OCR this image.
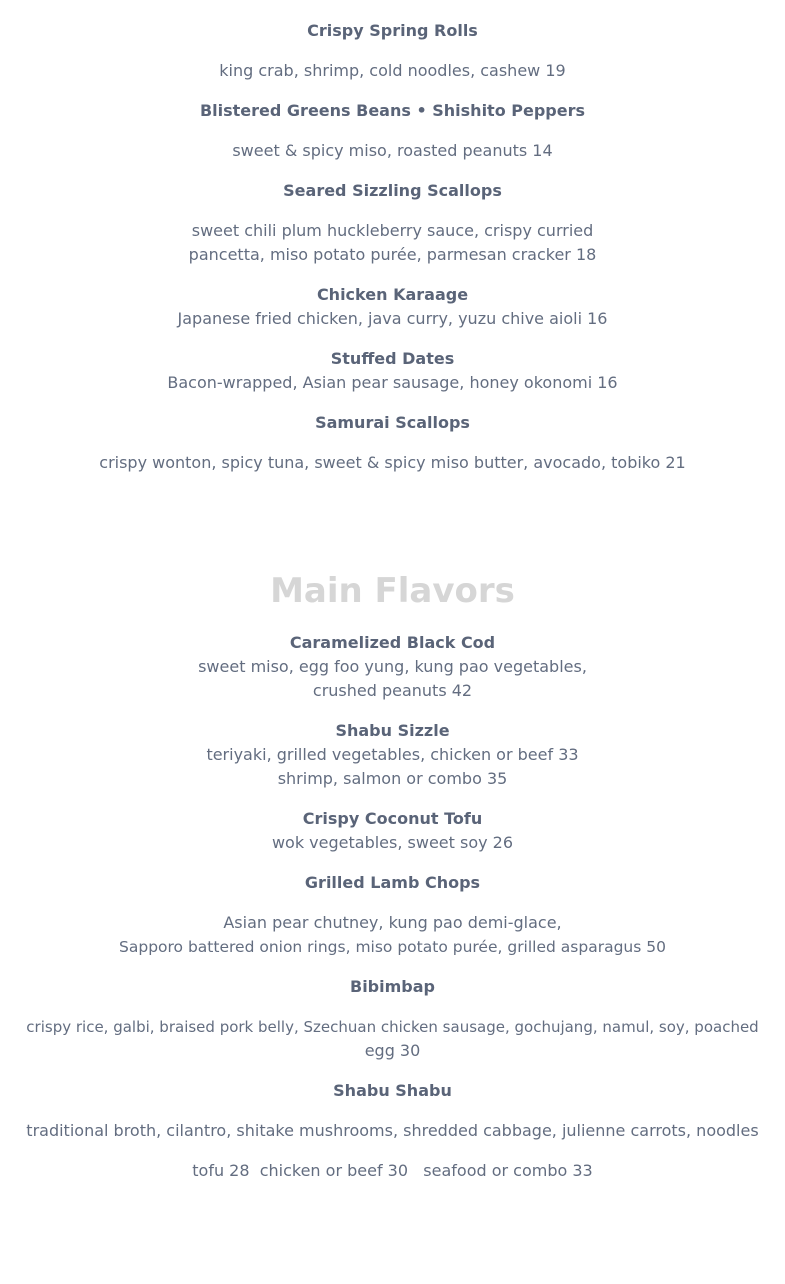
Crispy Spring Rolls
king crab, shrimp, cold noodles, cashew 19
Blistered Greens Beans • Shishito Peppers
sweet & spicy miso, roasted peanuts 14
Seared Sizzling Scallops
sweet chili plum huckleberry sauce, crispy curried
pancetta, miso potato purée, parmesan cracker 18
Chicken Karaage
Japanese fried chicken, java curry, yuzu chive aioli 16
Stuffed Dates
Bacon-wrapped, Asian pear sausage, honey okonomi 16
Samurai Scallops
crispy wonton, spicy tuna, sweet & spicy miso butter, avocado, tobiko 21
Main Flavors
Caramelized Black Cod
sweet miso, egg foo yung, kung pao vegetables,
crushed peanuts 42
Shabu Sizzle
teriyaki, grilled vegetables, chicken or beef 33
shrimp, salmon or combo 35
Crispy Coconut Tofu
wok vegetables, sweet soy 26
Grilled Lamb Chops
Asian pear chutney, kung pao demi-glace,
Sapporo battered onion rings, miso potato purée, grilled asparagus 50
Bibimbap
crispy rice, galbi, braised pork belly, Szechuan chicken sausage, gochujang, namul, soy, poached
egg 30
Shabu Shabu
traditional broth, cilantro, shitake mushrooms, shredded cabbage, julienne carrots, noodles
tofu 28  chicken or beef 30   seafood or combo 33
